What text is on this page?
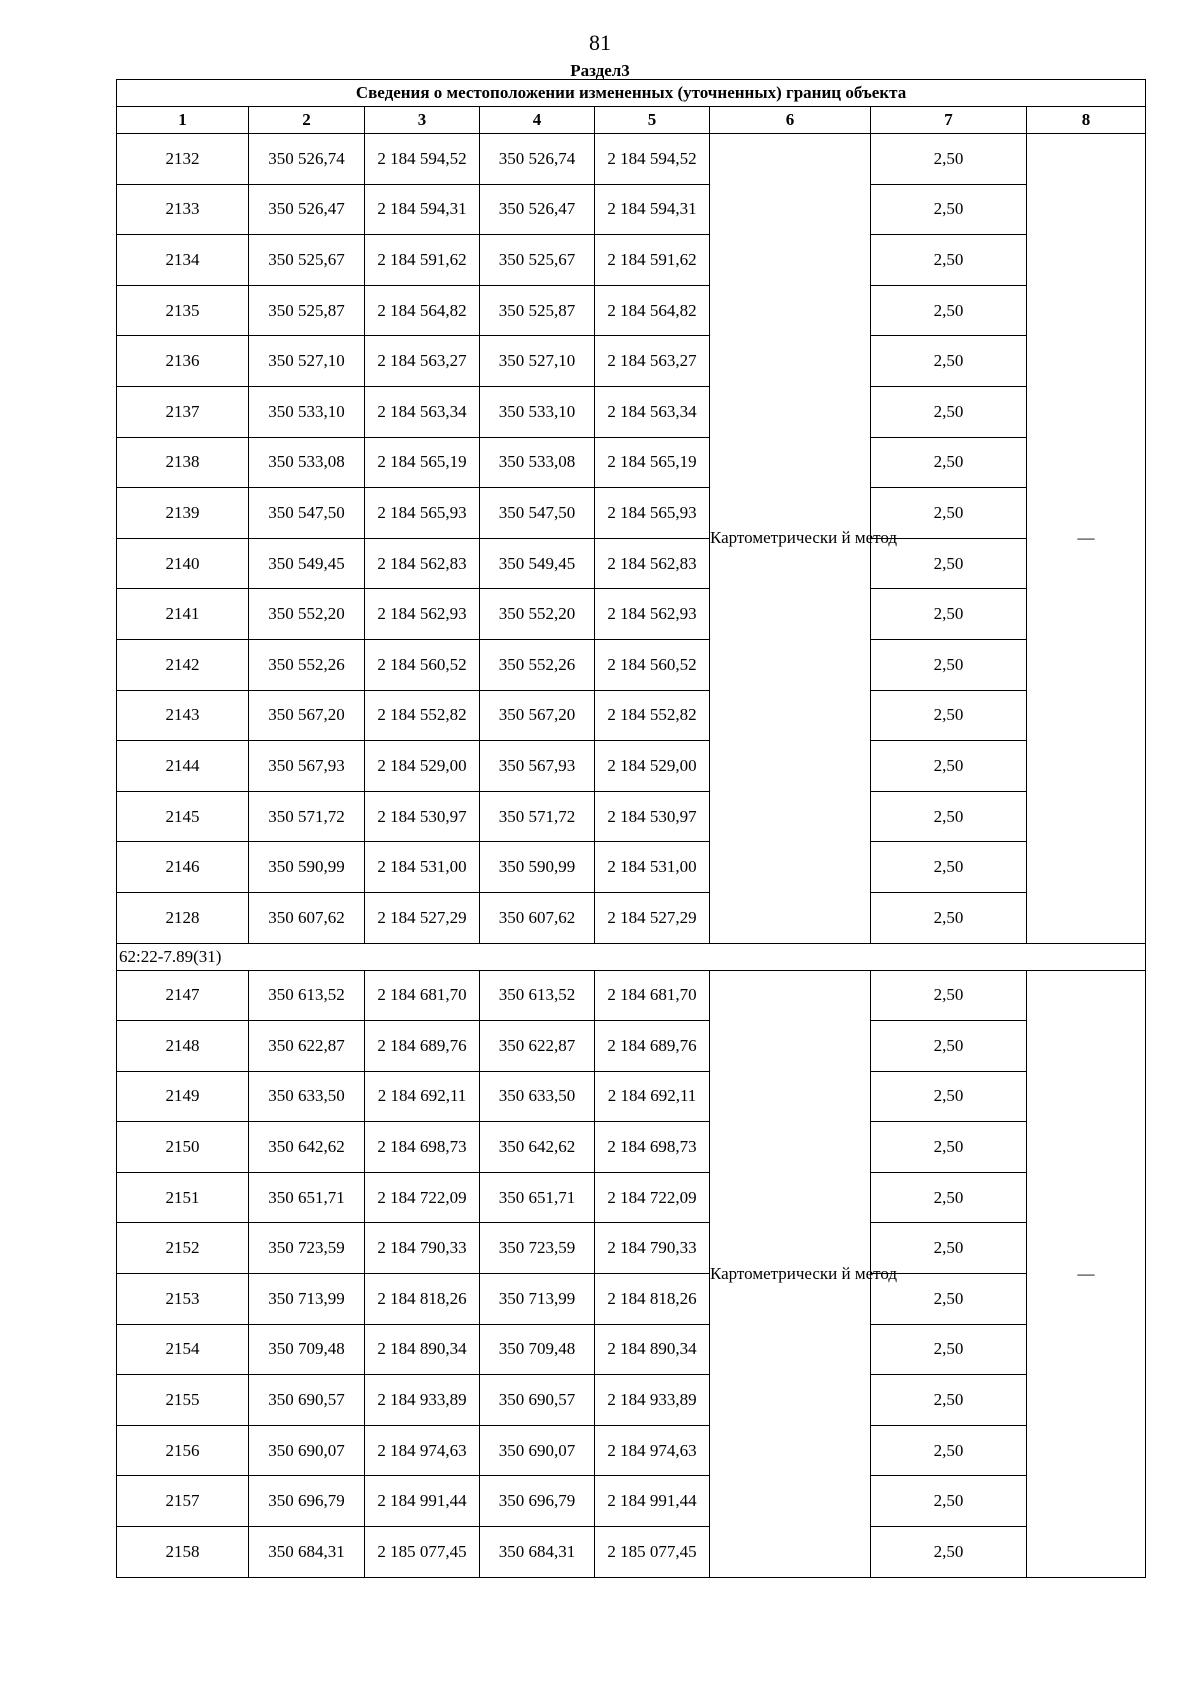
81
Раздел3
Сведения о местоположении измененных (уточненных) границ объекта							
1	2	3	4	5	6	7	8
2132	350 526,74	2 184 594,52	350 526,74	2 184 594,52	Картометрически й метод	2,50	—
2133	350 526,47	2 184 594,31	350 526,47	2 184 594,31		2,50	
2134	350 525,67	2 184 591,62	350 525,67	2 184 591,62		2,50	
2135	350 525,87	2 184 564,82	350 525,87	2 184 564,82		2,50	
2136	350 527,10	2 184 563,27	350 527,10	2 184 563,27		2,50	
2137	350 533,10	2 184 563,34	350 533,10	2 184 563,34		2,50	
2138	350 533,08	2 184 565,19	350 533,08	2 184 565,19		2,50	
2139	350 547,50	2 184 565,93	350 547,50	2 184 565,93		2,50	
2140	350 549,45	2 184 562,83	350 549,45	2 184 562,83		2,50	
2141	350 552,20	2 184 562,93	350 552,20	2 184 562,93		2,50	
2142	350 552,26	2 184 560,52	350 552,26	2 184 560,52		2,50	
2143	350 567,20	2 184 552,82	350 567,20	2 184 552,82		2,50	
2144	350 567,93	2 184 529,00	350 567,93	2 184 529,00		2,50	
2145	350 571,72	2 184 530,97	350 571,72	2 184 530,97		2,50	
2146	350 590,99	2 184 531,00	350 590,99	2 184 531,00		2,50	
2128	350 607,62	2 184 527,29	350 607,62	2 184 527,29		2,50	
62:22-7.89(31)							
2147	350 613,52	2 184 681,70	350 613,52	2 184 681,70	Картометрически й метод	2,50	—
2148	350 622,87	2 184 689,76	350 622,87	2 184 689,76		2,50	
2149	350 633,50	2 184 692,11	350 633,50	2 184 692,11		2,50	
2150	350 642,62	2 184 698,73	350 642,62	2 184 698,73		2,50	
2151	350 651,71	2 184 722,09	350 651,71	2 184 722,09		2,50	
2152	350 723,59	2 184 790,33	350 723,59	2 184 790,33		2,50	
2153	350 713,99	2 184 818,26	350 713,99	2 184 818,26		2,50	
2154	350 709,48	2 184 890,34	350 709,48	2 184 890,34		2,50	
2155	350 690,57	2 184 933,89	350 690,57	2 184 933,89		2,50	
2156	350 690,07	2 184 974,63	350 690,07	2 184 974,63		2,50	
2157	350 696,79	2 184 991,44	350 696,79	2 184 991,44		2,50	
2158	350 684,31	2 185 077,45	350 684,31	2 185 077,45		2,50	
